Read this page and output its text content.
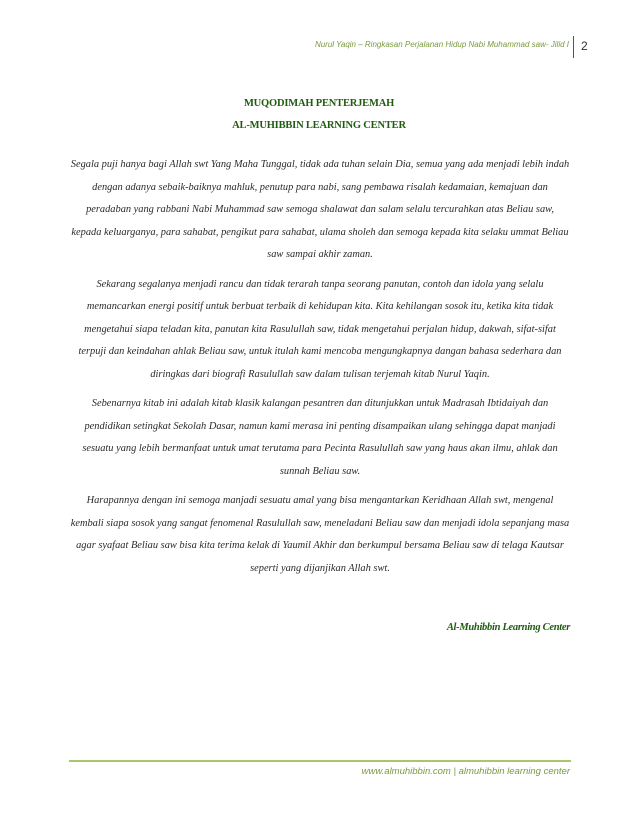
Nurul Yaqin – Ringkasan Perjalanan Hidup Nabi Muhammad saw- Jilid I 2
MUQODIMAH PENTERJEMAH
AL-MUHIBBIN LEARNING CENTER

Segala puji hanya bagi Allah swt Yang Maha Tunggal, tidak ada tuhan selain Dia, semua yang ada menjadi lebih indah dengan adanya sebaik-baiknya mahluk, penutup para nabi, sang pembawa risalah kedamaian, kemajuan dan peradaban yang rabbani Nabi Muhammad saw semoga shalawat dan salam selalu tercurahkan atas Beliau saw, kepada keluarganya, para sahabat, pengikut para sahabat, ulama sholeh dan semoga kepada kita selaku ummat Beliau saw sampai akhir zaman.

Sekarang segalanya menjadi rancu dan tidak terarah tanpa seorang panutan, contoh dan idola yang selalu memancarkan energi positif untuk berbuat terbaik di kehidupan kita. Kita kehilangan sosok itu, ketika kita tidak mengetahui siapa teladan kita, panutan kita Rasulullah saw, tidak mengetahui perjalan hidup, dakwah, sifat-sifat terpuji dan keindahan ahlak Beliau saw, untuk itulah kami mencoba mengungkapnya dangan bahasa sederhara dan diringkas dari biografi Rasulullah saw dalam tulisan terjemah kitab Nurul Yaqin.

Sebenarnya kitab ini adalah kitab klasik kalangan pesantren dan ditunjukkan untuk Madrasah Ibtidaiyah dan pendidikan setingkat Sekolah Dasar, namun kami merasa ini penting disampaikan ulang sehingga dapat manjadi sesuatu yang lebih bermanfaat untuk umat terutama para Pecinta Rasulullah saw yang haus akan ilmu, ahlak dan sunnah Beliau saw.

Harapannya dengan ini semoga manjadi sesuatu amal yang bisa mengantarkan Keridhaan Allah swt, mengenal kembali siapa sosok yang sangat fenomenal Rasulullah saw, meneladani Beliau saw dan menjadi idola sepanjang masa agar syafaat Beliau saw bisa kita terima kelak di Yaumil Akhir dan berkumpul bersama Beliau saw di telaga Kautsar seperti yang dijanjikan Allah swt.

Al-Muhibbin Learning Center
www.almuhibbin.com | almuhibbin learning center
